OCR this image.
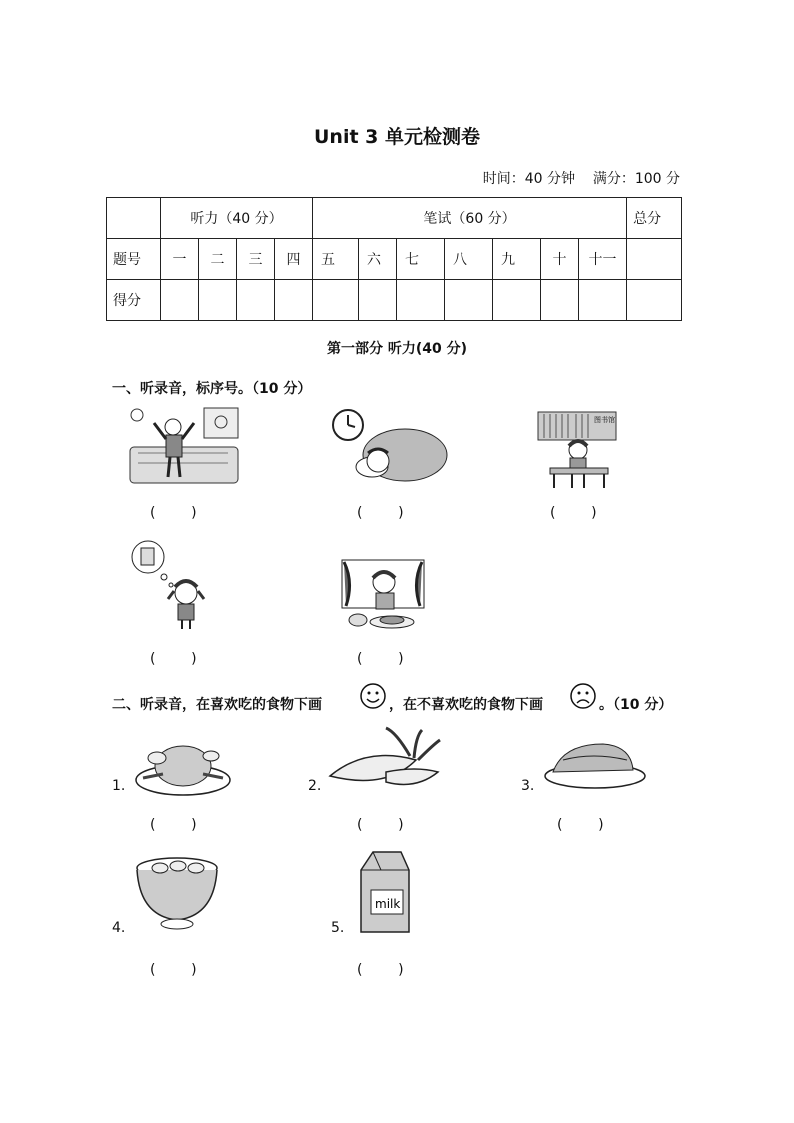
Unit 3 单元检测卷
时间：40 分钟    满分：100 分
	听力（40 分）				笔试（60 分）							总分
题号	一	二	三	四	五	六	七	八	九	十	十一	
得分												
第一部分 听力(40 分)
一、听录音，标序号。（10 分）
图书馆
(        )	(        )	(        )
(        )	(        )
二、听录音，在喜欢吃的食物下画	，在不喜欢吃的食物下画	。（10 分）
1.	2.	3.
4.	5.
milk
(        )	(        )	(        )
(        )	(        )
